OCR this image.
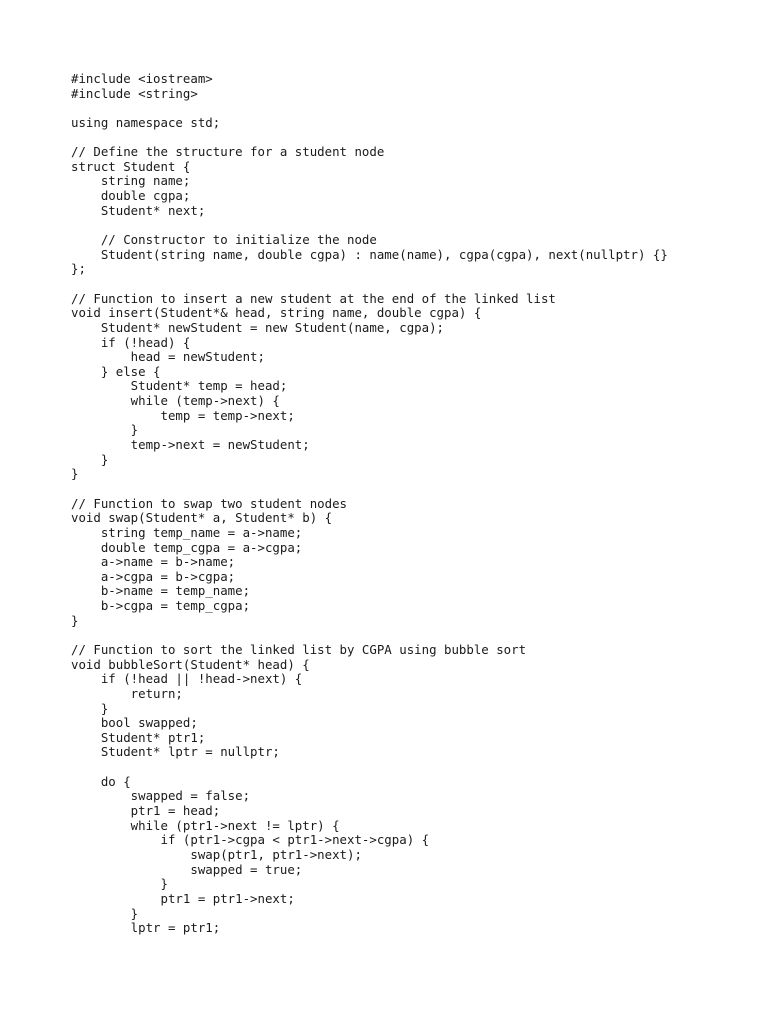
#include <iostream>
#include <string>
using namespace std;
// Define the structure for a student node
struct Student {
string name;
double cgpa;
Student* next;
// Constructor to initialize the node
Student(string name, double cgpa) : name(name), cgpa(cgpa), next(nullptr) {}
};
// Function to insert a new student at the end of the linked list
void insert(Student*& head, string name, double cgpa) {
Student* newStudent = new Student(name, cgpa);
if (!head) {
head = newStudent;
} else {
Student* temp = head;
while (temp->next) {
temp = temp->next;
}
temp->next = newStudent;
}
}
// Function to swap two student nodes
void swap(Student* a, Student* b) {
string temp_name = a->name;
double temp_cgpa = a->cgpa;
a->name = b->name;
a->cgpa = b->cgpa;
b->name = temp_name;
b->cgpa = temp_cgpa;
}
// Function to sort the linked list by CGPA using bubble sort
void bubbleSort(Student* head) {
if (!head || !head->next) {
return;
}
bool swapped;
Student* ptr1;
Student* lptr = nullptr;
do {
swapped = false;
ptr1 = head;
while (ptr1->next != lptr) {
if (ptr1->cgpa < ptr1->next->cgpa) {
swap(ptr1, ptr1->next);
swapped = true;
}
ptr1 = ptr1->next;
}
lptr = ptr1;
